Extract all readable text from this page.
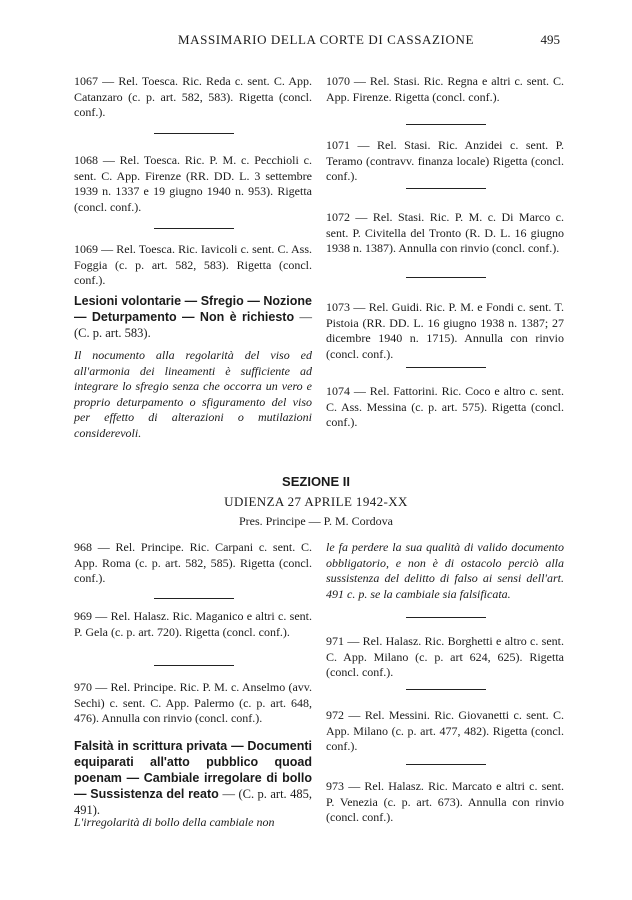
MASSIMARIO DELLA CORTE DI CASSAZIONE	495
1067 — Rel. Toesca. Ric. Reda c. sent. C. App. Catanzaro (c. p. art. 582, 583). Rigetta (concl. conf.).
1068 — Rel. Toesca. Ric. P. M. c. Pecchioli c. sent. C. App. Firenze (RR. DD. L. 3 settembre 1939 n. 1337 e 19 giugno 1940 n. 953). Rigetta (concl. conf.).
1069 — Rel. Toesca. Ric. Iavicoli c. sent. C. Ass. Foggia (c. p. art. 582, 583). Rigetta (concl. conf.).
Lesioni volontarie — Sfregio — Nozione — Deturpamento — Non è richiesto — (C. p. art. 583).
Il nocumento alla regolarità del viso ed all'armonia dei lineamenti è sufficiente ad integrare lo sfregio senza che occorra un vero e proprio deturpamento o sfiguramento del viso per effetto di alterazioni o mutilazioni considerevoli.
1070 — Rel. Stasi. Ric. Regna e altri c. sent. C. App. Firenze. Rigetta (concl. conf.).
1071 — Rel. Stasi. Ric. Anzidei c. sent. P. Teramo (contravv. finanza locale) Rigetta (concl. conf.).
1072 — Rel. Stasi. Ric. P. M. c. Di Marco c. sent. P. Civitella del Tronto (R. D. L. 16 giugno 1938 n. 1387). Annulla con rinvio (concl. conf.).
1073 — Rel. Guidi. Ric. P. M. e Fondi c. sent. T. Pistoia (RR. DD. L. 16 giugno 1938 n. 1387; 27 dicembre 1940 n. 1715). Annulla con rinvio (concl. conf.).
1074 — Rel. Fattorini. Ric. Coco e altro c. sent. C. Ass. Messina (c. p. art. 575). Rigetta (concl. conf.).
SEZIONE II
UDIENZA 27 APRILE 1942-XX
Pres. Principe — P. M. Cordova
968 — Rel. Principe. Ric. Carpani c. sent. C. App. Roma (c. p. art. 582, 585). Rigetta (concl. conf.).
969 — Rel. Halasz. Ric. Maganico e altri c. sent. P. Gela (c. p. art. 720). Rigetta (concl. conf.).
970 — Rel. Principe. Ric. P. M. c. Anselmo (avv. Sechi) c. sent. C. App. Palermo (c. p. art. 648, 476). Annulla con rinvio (concl. conf.).
Falsità in scrittura privata — Documenti equiparati all'atto pubblico quoad poenam — Cambiale irregolare di bollo — Sussistenza del reato — (C. p. art. 485, 491).
L'irregolarità di bollo della cambiale non
le fa perdere la sua qualità di valido documento obbligatorio, e non è di ostacolo perciò alla sussistenza del delitto di falso ai sensi dell'art. 491 c. p. se la cambiale sia falsificata.
971 — Rel. Halasz. Ric. Borghetti e altro c. sent. C. App. Milano (c. p. art 624, 625). Rigetta (concl. conf.).
972 — Rel. Messini. Ric. Giovanetti c. sent. C. App. Milano (c. p. art. 477, 482). Rigetta (concl. conf.).
973 — Rel. Halasz. Ric. Marcato e altri c. sent. P. Venezia (c. p. art. 673). Annulla con rinvio (concl. conf.).
